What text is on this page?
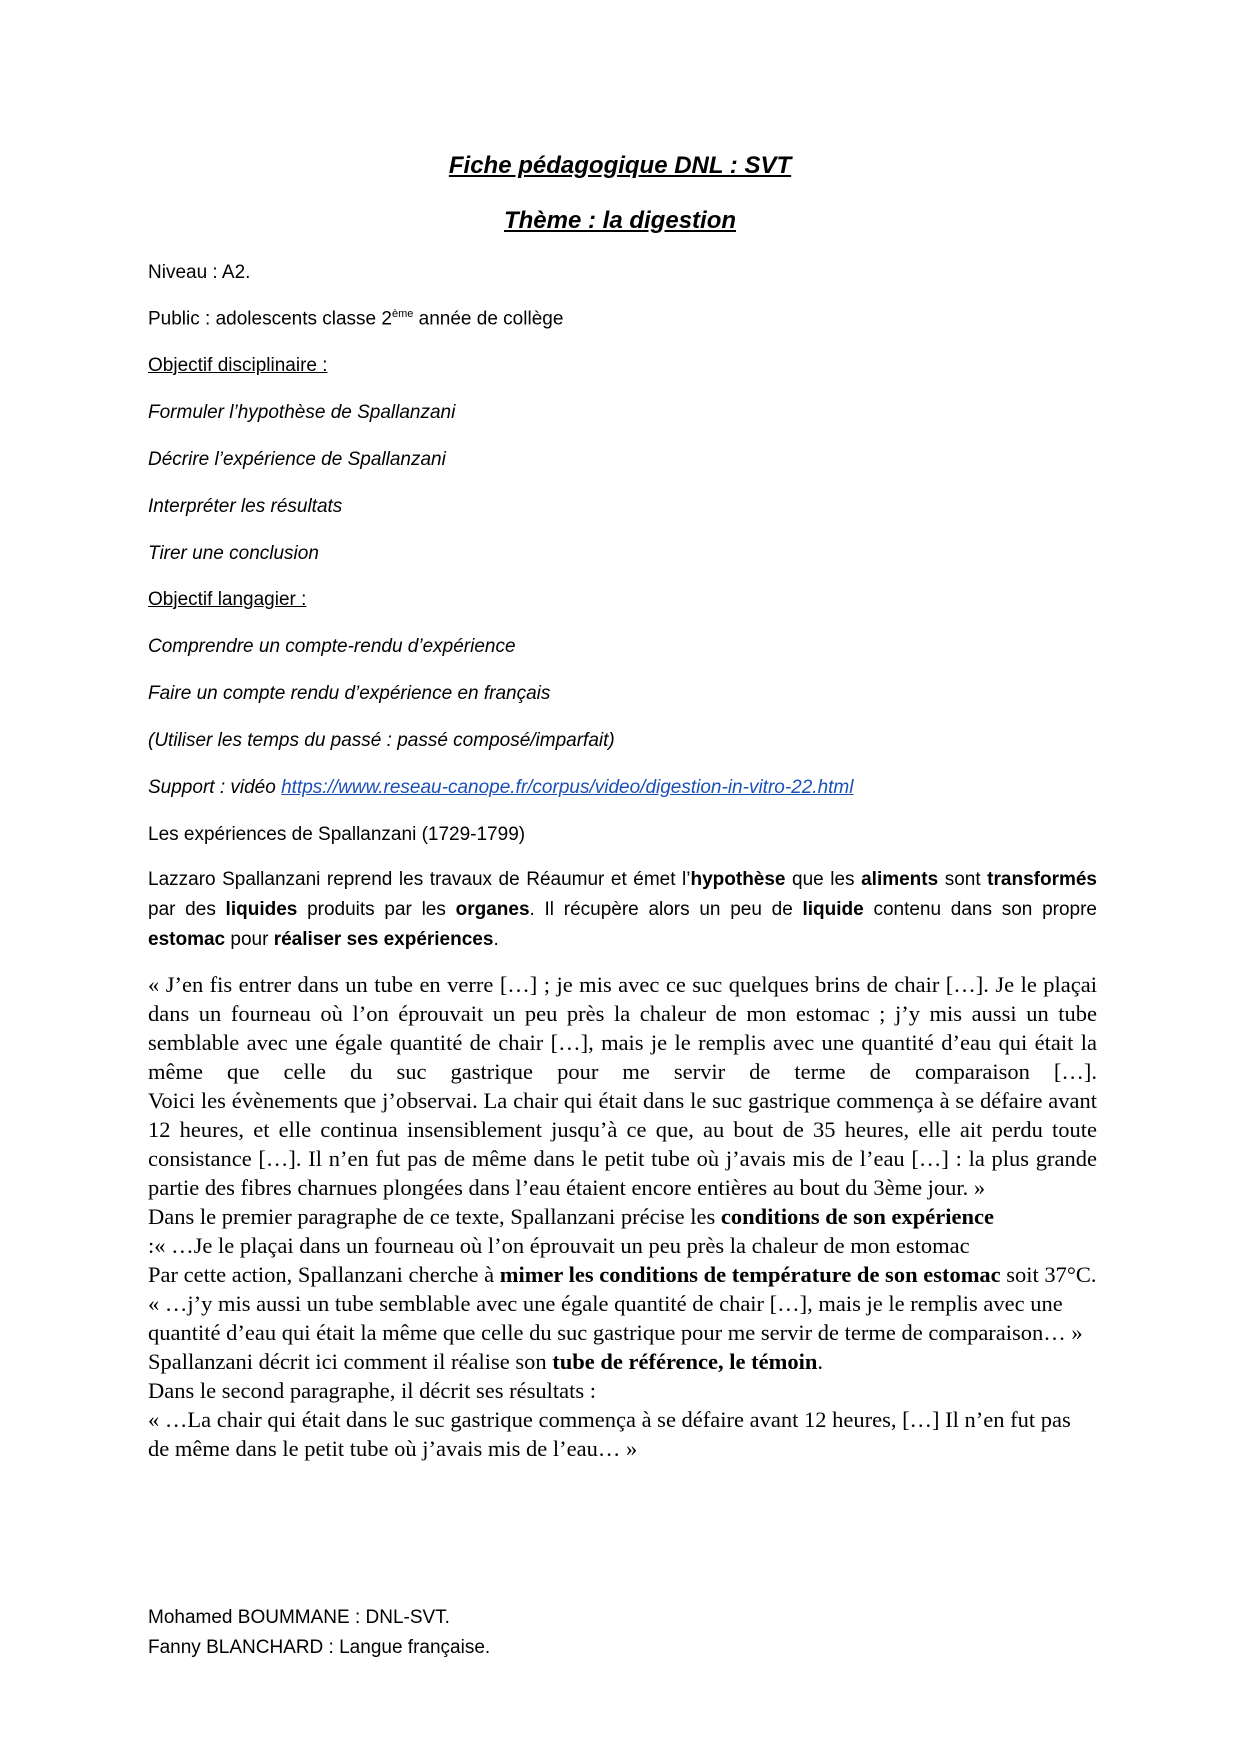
Fiche pédagogique DNL : SVT
Thème : la digestion
Niveau : A2.
Public : adolescents classe 2ème année de collège
Objectif disciplinaire :
Formuler l’hypothèse de Spallanzani
Décrire l’expérience de Spallanzani
Interpréter les résultats
Tirer une conclusion
Objectif langagier :
Comprendre un compte-rendu d’expérience
Faire un compte rendu d’expérience en français
(Utiliser les temps du passé : passé composé/imparfait)
Support : vidéo https://www.reseau-canope.fr/corpus/video/digestion-in-vitro-22.html
Les expériences de Spallanzani (1729-1799)
Lazzaro Spallanzani reprend les travaux de Réaumur et émet l’hypothèse que les aliments sont transformés par des liquides produits par les organes. Il récupère alors un peu de liquide contenu dans son propre estomac pour réaliser ses expériences.
« J’en fis entrer dans un tube en verre […] ; je mis avec ce suc quelques brins de chair […]. Je le plaçai dans un fourneau où l’on éprouvait un peu près la chaleur de mon estomac ; j’y mis aussi un tube semblable avec une égale quantité de chair […], mais je le remplis avec une quantité d’eau qui était la même que celle du suc gastrique pour me servir de terme de comparaison […].
Voici les évènements que j’observai. La chair qui était dans le suc gastrique commença à se défaire avant 12 heures, et elle continua insensiblement jusqu’à ce que, au bout de 35 heures, elle ait perdu toute consistance […]. Il n’en fut pas de même dans le petit tube où j’avais mis de l’eau […] : la plus grande partie des fibres charnues plongées dans l’eau étaient encore entières au bout du 3ème jour. »
Dans le premier paragraphe de ce texte, Spallanzani précise les conditions de son expérience
:« …Je le plaçai dans un fourneau où l’on éprouvait un peu près la chaleur de mon estomac
Par cette action, Spallanzani cherche à mimer les conditions de température de son estomac soit 37°C.
« …j’y mis aussi un tube semblable avec une égale quantité de chair […], mais je le remplis avec une quantité d’eau qui était la même que celle du suc gastrique pour me servir de terme de comparaison… »
Spallanzani décrit ici comment il réalise son tube de référence, le témoin.
Dans le second paragraphe, il décrit ses résultats :
« …La chair qui était dans le suc gastrique commença à se défaire avant 12 heures, […] Il n’en fut pas de même dans le petit tube où j’avais mis de l’eau… »
Mohamed BOUMMANE : DNL-SVT.
Fanny BLANCHARD : Langue française.
